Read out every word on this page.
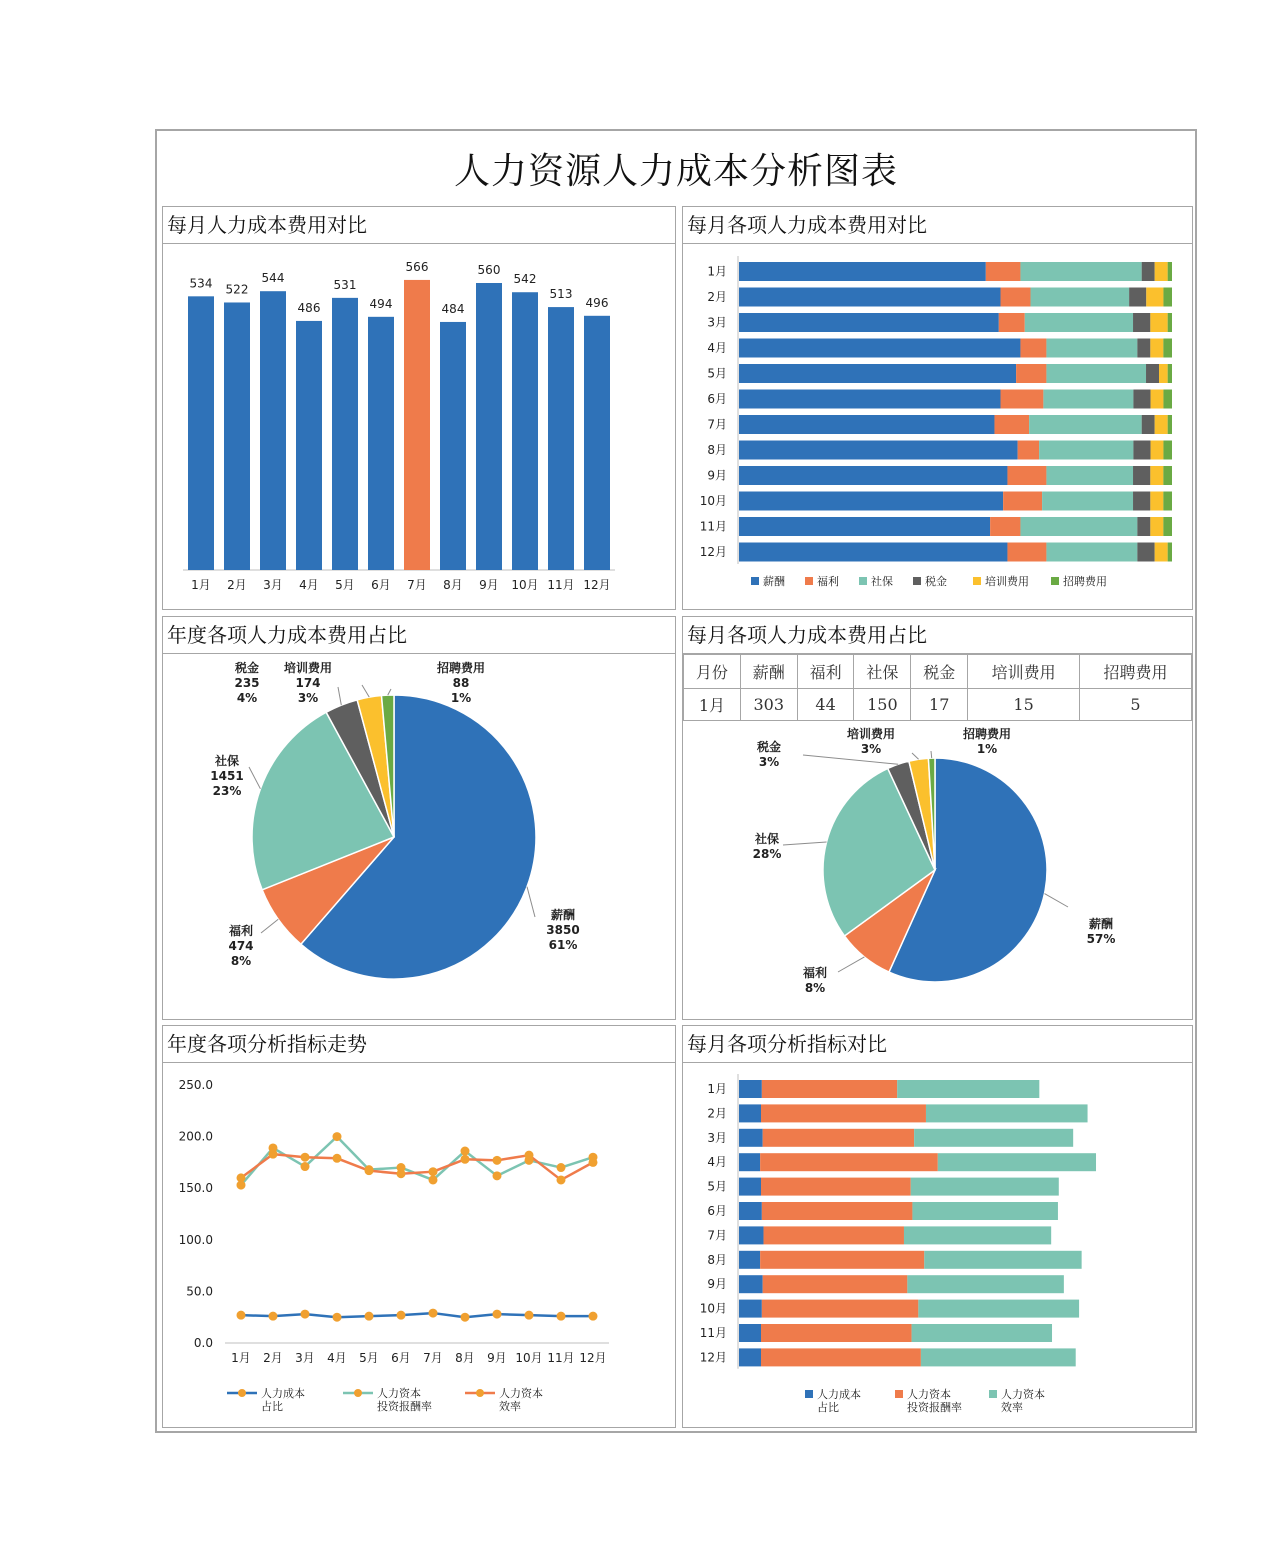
人力资源人力成本分析图表
每月人力成本费用对比
534
1月
522
2月
544
3月
486
4月
531
5月
494
6月
566
7月
484
8月
560
9月
542
10月
513
11月
496
12月
每月各项人力成本费用对比
1月
2月
3月
4月
5月
6月
7月
8月
9月
10月
11月
12月
薪酬	福利	社保	税金	培训费用	招聘费用
年度各项人力成本费用占比
薪酬 3850 61%
福利 474 8%
社保 1451 23%
税金 235 4%
培训费用 174 3%
招聘费用 88 1%
每月各项人力成本费用占比
月份	薪酬	福利	社保	税金	培训费用	招聘费用
1月	303	44	150	17	15	5
薪酬 57%
福利 8%
社保 28%
税金 3%
培训费用 3%
招聘费用 1%
年度各项分析指标走势
0.0
50.0
100.0
150.0
200.0
250.0
1月 2月 3月 4月 5月 6月 7月 8月 9月 10月 11月 12月
人力成本占比
人力资本投资报酬率
人力资本效率
每月各项分析指标对比
1月
2月
3月
4月
5月
6月
7月
8月
9月
10月
11月
12月
人力成本占比
人力资本投资报酬率
人力资本效率
